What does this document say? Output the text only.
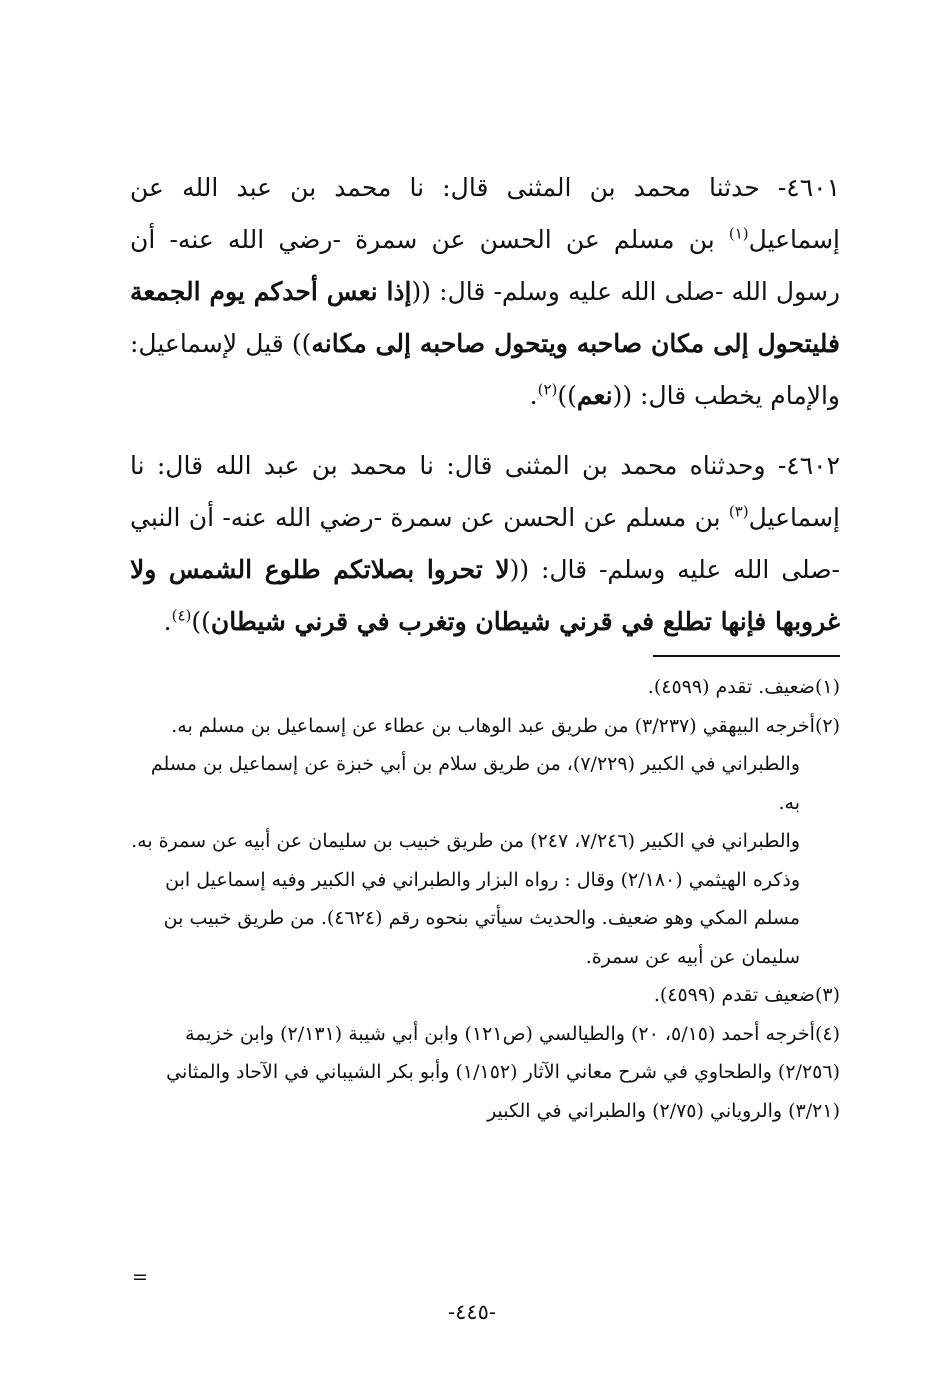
٤٦٠١- حدثنا محمد بن المثنى قال: نا محمد بن عبد الله عن إسماعيل$^{(١)}$ بن مسلم عن الحسن عن سمرة -رضي الله عنه- أن رسول الله -صلى الله عليه وسلم- قال: ((إذا نعس أحدكم يوم الجمعة فليتحول إلى مكان صاحبه ويتحول صاحبه إلى مكانه)) قيل لإسماعيل: والإمام يخطب قال: ((نعم))$^{(٢)}$.
٤٦٠٢- وحدثناه محمد بن المثنى قال: نا محمد بن عبد الله قال: نا إسماعيل$^{(٣)}$ بن مسلم عن الحسن عن سمرة -رضي الله عنه- أن النبي -صلى الله عليه وسلم- قال: ((لا تحروا بصلاتكم طلوع الشمس ولا غروبها فإنها تطلع في قرني شيطان وتغرب في قرني شيطان))$^{(٤)}$.
(١)ضعيف. تقدم (٤٥٩٩).
(٢)أخرجه البيهقي (٣/٢٣٧) من طريق عبد الوهاب بن عطاء عن إسماعيل بن مسلم به.
والطبراني في الكبير (٧/٢٢٩)، من طريق سلام بن أبي خبزة عن إسماعيل بن مسلم به.
والطبراني في الكبير (٧/٢٤٦، ٢٤٧) من طريق خبيب بن سليمان عن أبيه عن سمرة به.
وذكره الهيثمي (٢/١٨٠) وقال : رواه البزار والطبراني في الكبير وفيه إسماعيل ابن مسلم المكي وهو ضعيف. والحديث سيأتي بنحوه رقم (٤٦٢٤). من طريق خبيب بن سليمان عن أبيه عن سمرة.
(٣)ضعيف تقدم (٤٥٩٩).
(٤)أخرجه أحمد (٥/١٥، ٢٠) والطيالسي (ص١٢١) وابن أبي شيبة (٢/١٣١) وابن خزيمة (٢/٢٥٦) والطحاوي في شرح معاني الآثار (١/١٥٢) وأبو بكر الشيباني في الآحاد والمثاني (٣/٢١) والروياني (٢/٧٥) والطبراني في الكبير
=
-٤٤٥-
